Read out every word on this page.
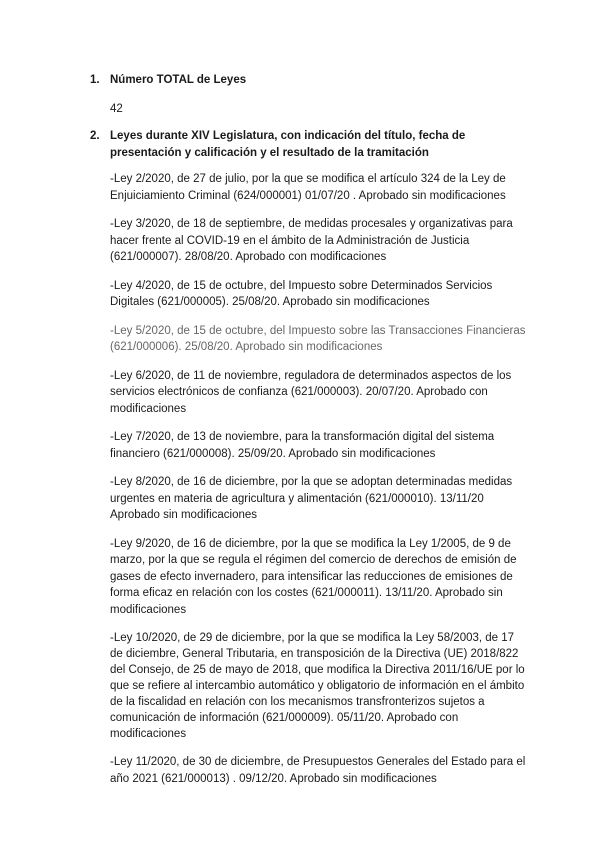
1. Número TOTAL de Leyes
42
2. Leyes durante XIV Legislatura, con indicación del título, fecha de presentación y calificación y el resultado de la tramitación

-Ley 2/2020, de 27 de julio, por la que se modifica el artículo 324 de la Ley de Enjuiciamiento Criminal (624/000001) 01/07/20 . Aprobado sin modificaciones

-Ley 3/2020, de 18 de septiembre, de medidas procesales y organizativas para hacer frente al COVID-19 en el ámbito de la Administración de Justicia (621/000007). 28/08/20. Aprobado con modificaciones

-Ley 4/2020, de 15 de octubre, del Impuesto sobre Determinados Servicios Digitales (621/000005). 25/08/20. Aprobado sin modificaciones

-Ley 5/2020, de 15 de octubre, del Impuesto sobre las Transacciones Financieras (621/000006). 25/08/20. Aprobado sin modificaciones

-Ley 6/2020, de 11 de noviembre, reguladora de determinados aspectos de los servicios electrónicos de confianza (621/000003). 20/07/20. Aprobado con modificaciones

-Ley 7/2020, de 13 de noviembre, para la transformación digital del sistema financiero (621/000008). 25/09/20. Aprobado sin modificaciones

-Ley 8/2020, de 16 de diciembre, por la que se adoptan determinadas medidas urgentes en materia de agricultura y alimentación (621/000010). 13/11/20 Aprobado sin modificaciones

-Ley 9/2020, de 16 de diciembre, por la que se modifica la Ley 1/2005, de 9 de marzo, por la que se regula el régimen del comercio de derechos de emisión de gases de efecto invernadero, para intensificar las reducciones de emisiones de forma eficaz en relación con los costes (621/000011). 13/11/20. Aprobado sin modificaciones

-Ley 10/2020, de 29 de diciembre, por la que se modifica la Ley 58/2003, de 17 de diciembre, General Tributaria, en transposición de la Directiva (UE) 2018/822 del Consejo, de 25 de mayo de 2018, que modifica la Directiva 2011/16/UE por lo que se refiere al intercambio automático y obligatorio de información en el ámbito de la fiscalidad en relación con los mecanismos transfronterizos sujetos a comunicación de información (621/000009). 05/11/20. Aprobado con modificaciones

-Ley 11/2020, de 30 de diciembre, de Presupuestos Generales del Estado para el año 2021 (621/000013) . 09/12/20. Aprobado sin modificaciones
